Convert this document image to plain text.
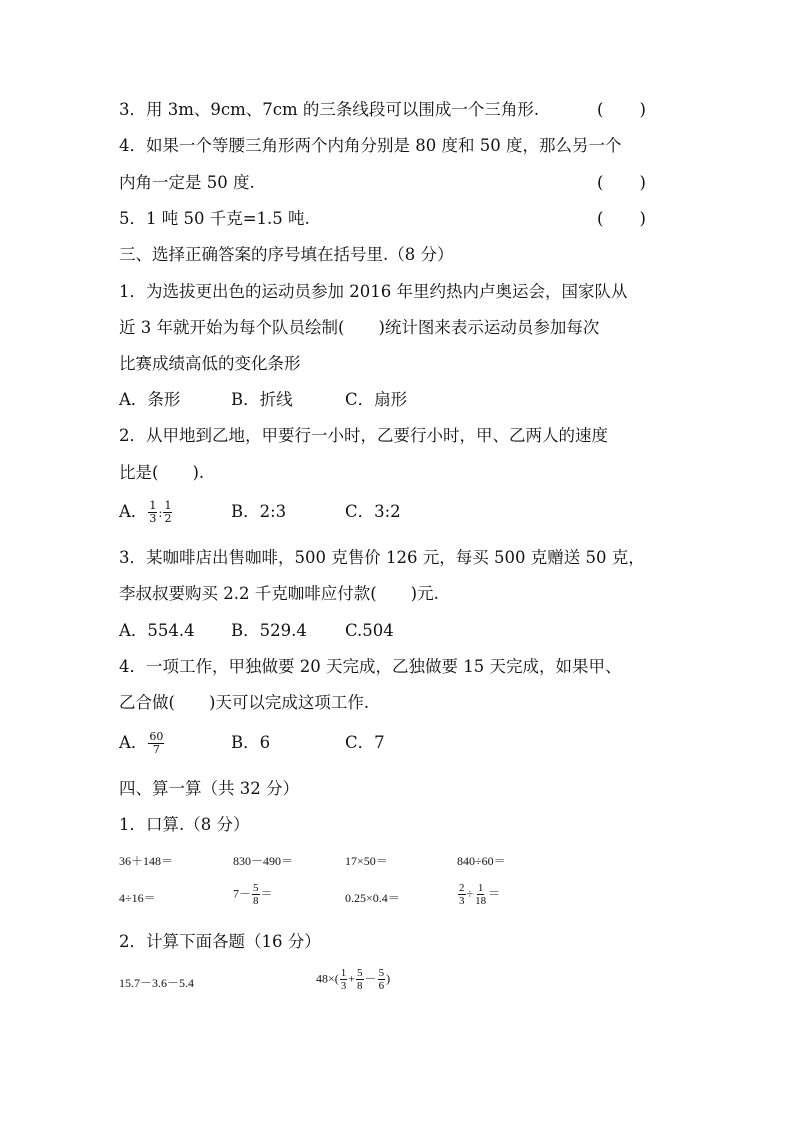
3．用 3m、9cm、7cm 的三条线段可以围成一个三角形.	( )
4．如果一个等腰三角形两个内角分别是 80 度和 50 度，那么另一个
内角一定是 50 度.	( )
5．1 吨 50 千克=1.5 吨.	( )
三、选择正确答案的序号填在括号里.（8 分）
1．为选拔更出色的运动员参加 2016 年里约热内卢奥运会，国家队从
近 3 年就开始为每个队员绘制( )统计图来表示运动员参加每次
比赛成绩高低的变化条形
A．条形	B．折线	C．扇形
2．从甲地到乙地，甲要行一小时，乙要行小时，甲、乙两人的速度
比是( ).
A． $\frac{1}{3}$ : $\frac{1}{2}$	B．2:3	C．3:2
3．某咖啡店出售咖啡，500 克售价 126 元，每买 500 克赠送 50 克，
李叔叔要购买 2.2 千克咖啡应付款( )元.
A．554.4 B．529.4 C.504
4．一项工作，甲独做要 20 天完成，乙独做要 15 天完成，如果甲、
乙合做( )天可以完成这项工作.
A． $\frac{60}{7}$	B．6	C．7
四、算一算（共 32 分）
1．口算.（8 分）
36＋148＝	830－490＝	17×50＝	840÷60＝
4÷16＝	$7- \frac{5}{8}$ ＝	0.25×0.4＝	$\frac{2}{3} \div \frac{1}{18}$ ＝
2．计算下面各题（16 分）
15.7－3.6－5.4	$48\times( \frac{1}{3} + \frac{5}{8} - \frac{5}{6}$ )
